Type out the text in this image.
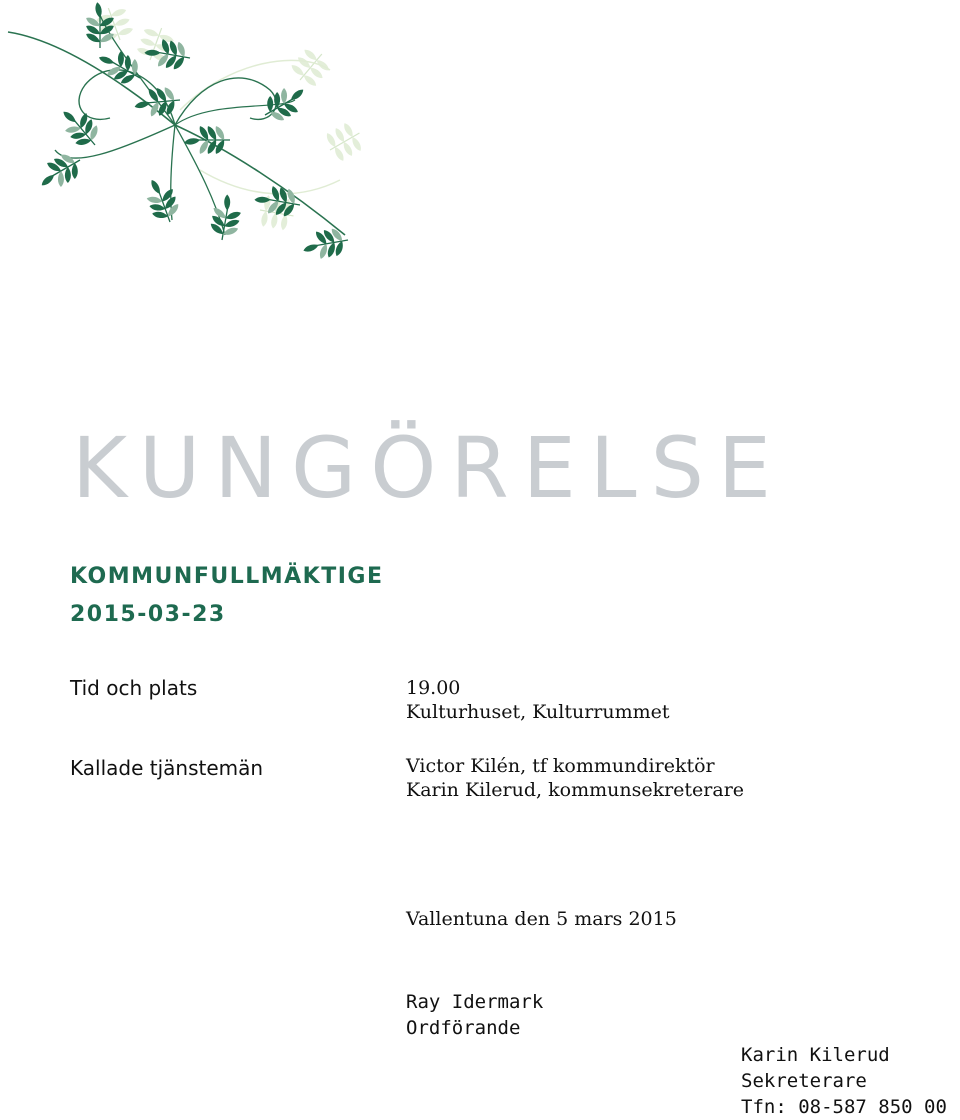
KUNGÖRELSE
KOMMUNFULLMÄKTIGE
2015-03-23
Tid och plats	19.00
Kulturhuset, Kulturrummet
Kallade tjänstemän	Victor Kilén, tf kommundirektör
Karin Kilerud, kommunsekreterare
Vallentuna den 5 mars 2015
Ray Idermark
Ordförande
Karin Kilerud
Sekreterare
Tfn: 08-587 850 00
